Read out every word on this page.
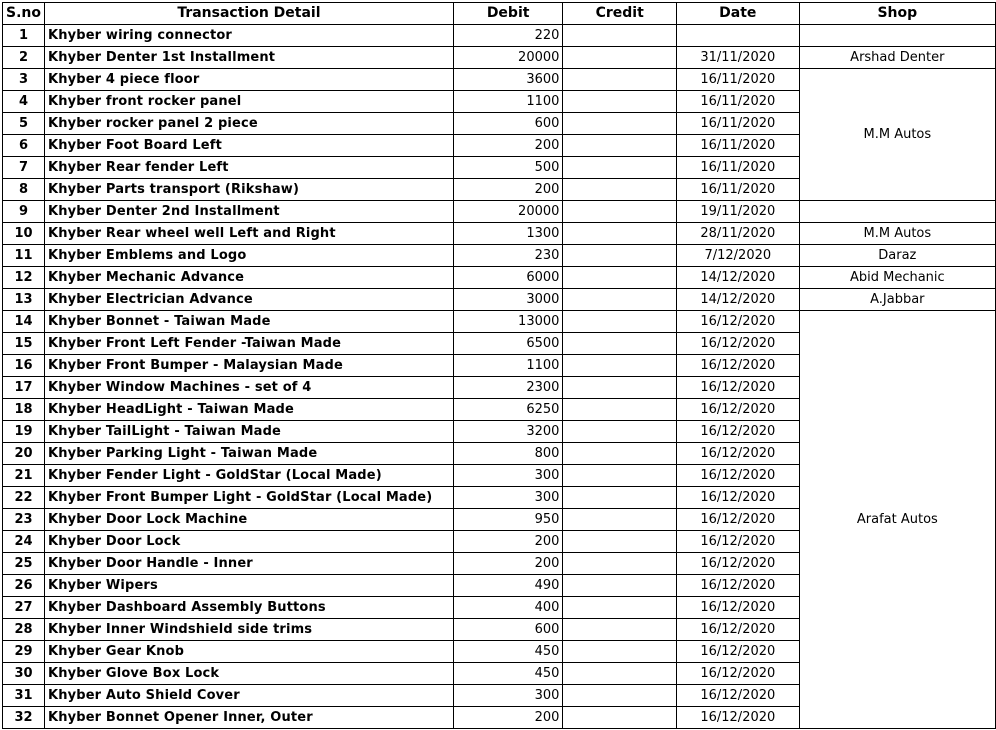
S.no	Transaction Detail	Debit	Credit	Date	Shop
1	Khyber wiring connector	220			
2	Khyber Denter 1st Installment	20000		31/11/2020	Arshad Denter
3	Khyber 4 piece floor	3600		16/11/2020	M.M Autos
4	Khyber front rocker panel	1100		16/11/2020	
5	Khyber rocker panel 2 piece	600		16/11/2020	
6	Khyber Foot Board Left	200		16/11/2020	
7	Khyber Rear fender Left	500		16/11/2020	
8	Khyber Parts transport (Rikshaw)	200		16/11/2020	
9	Khyber Denter 2nd Installment	20000		19/11/2020	
10	Khyber Rear wheel well Left and Right	1300		28/11/2020	M.M Autos
11	Khyber Emblems and Logo	230		7/12/2020	Daraz
12	Khyber Mechanic Advance	6000		14/12/2020	Abid Mechanic
13	Khyber Electrician Advance	3000		14/12/2020	A.Jabbar
14	Khyber Bonnet - Taiwan Made	13000		16/12/2020	Arafat Autos
15	Khyber Front Left Fender -Taiwan Made	6500		16/12/2020	
16	Khyber Front Bumper - Malaysian Made	1100		16/12/2020	
17	Khyber Window Machines - set of 4	2300		16/12/2020	
18	Khyber HeadLight - Taiwan Made	6250		16/12/2020	
19	Khyber TailLight - Taiwan Made	3200		16/12/2020	
20	Khyber Parking Light - Taiwan Made	800		16/12/2020	
21	Khyber Fender Light - GoldStar (Local Made)	300		16/12/2020	
22	Khyber Front Bumper Light - GoldStar (Local Made)	300		16/12/2020	
23	Khyber Door Lock Machine	950		16/12/2020	
24	Khyber Door Lock	200		16/12/2020	
25	Khyber Door Handle - Inner	200		16/12/2020	
26	Khyber Wipers	490		16/12/2020	
27	Khyber Dashboard Assembly Buttons	400		16/12/2020	
28	Khyber Inner Windshield side trims	600		16/12/2020	
29	Khyber Gear Knob	450		16/12/2020	
30	Khyber Glove Box Lock	450		16/12/2020	
31	Khyber Auto Shield Cover	300		16/12/2020	
32	Khyber Bonnet Opener Inner, Outer	200		16/12/2020	
